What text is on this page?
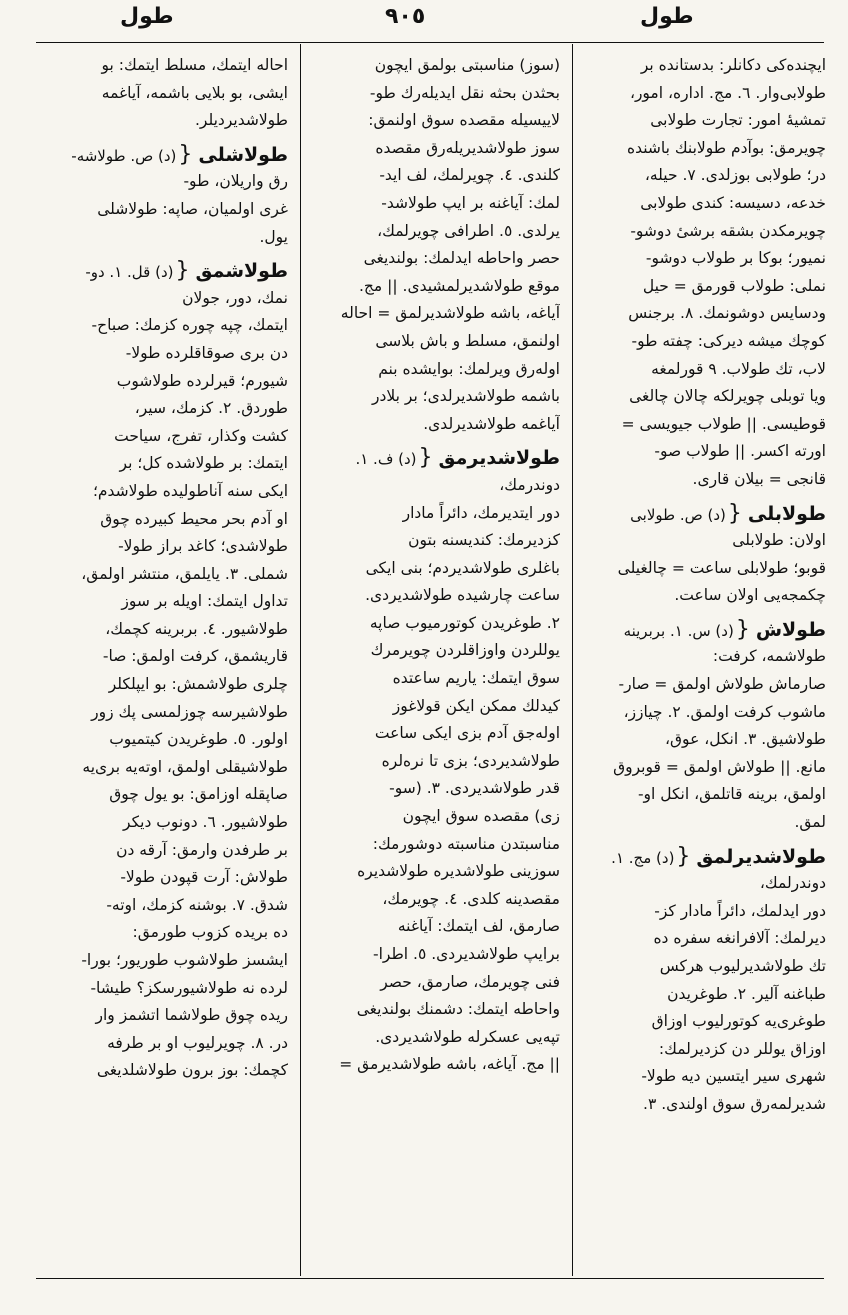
طول	٩٠٥	طول
ایچنده‌کی دکانلر: بدستانده بر
طولابی‌وار. ٦. مج. اداره‌، امور،
تمشیهٔ امور: تجارت طولابی
چویرمق: بوآدم طولابنك باشنده
در؛ طولابی بوزلدی. ٧. حیله،
خدعه، دسیسه: کندی طولابی
چویرمکدن بشقه برشیٔ دوشو-
نمیور؛ بوکا بر طولاب دوشو-
نملی: طولاب قورمق = حیل
ودسایس دوشونمك. ٨. برجنس
کوچك میشه دیرکی: چفته طو-
لاب، تك طولاب. ٩ قورلمغه
ویا توبلی چویرلکه چالان چالغی
قوطیسی. || طولاب جیویسی =
اورته اکسر. || طولاب صو-
قانجی = بیلان قاری.
طولابلی{(د) ص. طولابی
اولان: طولابلی
قوبو؛ طولابلی ساعت = چالغیلی
چکمجه‌یی اولان ساعت.
طولاش{(د) س. ١. بربرینه
طولاشمه، کرفت:
صارماش طولاش اولمق = صار-
ماشوب کرفت اولمق. ٢. چیازز،
طولاشیق. ٣. انکل، عوق،
مانع. || طولاش اولمق = قوبروق
اولمق، برینه قاتلمق، انکل او-
لمق.
طولاشدیرلمق{(د) مج. ١.
دوندرلمك،
دور ایدلمك، دائراً مادار کز-
دیرلمك: آلافرانغه سفره ده
تك طولاشدیرلیوب هرکس
طباغنه آلیر. ٢. طوغریدن
طوغری‌یه کوتورلیوب اوزاق
اوزاق یوللر دن کزدیرلمك:
شهری سیر ایتسین دیه طولا-
شدیرلمه‌رق سوق اولندی. ٣.
(سوز) مناسبتی بولمق ایچون
بحثدن بحثه نقل ایدیله‌رك طو-
لاییسیله مقصده سوق اولنمق:
سوز طولاشدیریله‌رق مقصده
کلندی. ٤. چویرلمك، لف اید-
لمك: آیاغنه بر ایپ طولاشد-
یرلدی. ٥. اطرافی چویرلمك،
حصر واحاطه ایدلمك: بولندیغی
موقع طولاشدیرلمشیدی. || مج.
آیاغه، باشه طولاشدیرلمق = احاله
اولنمق، مسلط و باش بلاسی
اوله‌رق ویرلمك: بوایشده بنم
باشمه طولاشدیرلدی؛ بر بلادر
آیاغمه طولاشدیرلدی.
طولاشدیرمق{(د) ف. ١.
دوندرمك،
دور ایتدیرمك، دائراً مادار
کزدیرمك: کندیسنه بتون
باغلری طولاشدیردم؛ بنی ایکی
ساعت چارشیده طولاشدیردی.
٢. طوغریدن کوتورمیوب صاپه
یوللردن واوزاقلردن چویرمرك
سوق ایتمك: یاریم ساعتده
کیدلك ممکن ایکن قولاغوز
اوله‌جق آدم بزی ایکی ساعت
طولاشدیردی؛ بزی تا نره‌لره
قدر طولاشدیردی. ٣. (سو-
زی) مقصده سوق ایچون
مناسبتدن مناسبته دوشورمك:
سوزینی طولاشدیره طولاشدیره
مقصدینه کلدی. ٤. چویرمك،
صارمق، لف ایتمك: آیاغنه
برایپ طولاشدیردی. ٥. اطرا-
فنی چویرمك، صارمق، حصر
واحاطه ایتمك: دشمنك بولندیغی
تپه‌یی عسکرله طولاشدیردی.
|| مج. آیاغه، باشه طولاشدیرمق =
احاله ایتمك، مسلط ایتمك: بو
ایشی، بو بلایی باشمه، آیاغمه
طولاشدیردیلر.
طولاشلی{(د) ص. طولاشه-
رق واریلان، طو-
غری اولمیان، صاپه: طولاشلی
یول.
طولاشمق{(د) قل. ١. دو-
نمك، دور، جولان
ایتمك، چپه چوره کزمك: صباح-
دن بری صوقاقلرده طولا-
شیورم؛ قیرلرده طولاشوب
طوردق. ٢. کزمك، سیر،
کشت وکذار، تفرج، سیاحت
ایتمك: بر طولاشده کل؛ بر
ایکی سنه آناطولیده طولاشدم؛
او آدم بحر محیط کبیرده چوق
طولاشدی؛ کاغد براز طولا-
شملی. ٣. یایلمق، منتشر اولمق،
تداول ایتمك: اویله بر سوز
طولاشیور. ٤. بربرینه کچمك،
قاریشمق، کرفت اولمق: صا-
چلری طولاشمش: بو ایپلکلر
طولاشیرسه چوزلمسی پك زور
اولور. ٥. طوغریدن کیتمیوب
طولاشیقلی اولمق، اوته‌یه بری‌یه
صاپقله اوزامق: بو یول چوق
طولاشیور. ٦. دونوب دیکر
بر طرفدن وارمق: آرقه دن
طولاش: آرت قپودن طولا-
شدق. ٧. بوشنه کزمك، اوته-
ده بریده کزوب طورمق:
ایشسز طولاشوب طوریور؛ بورا-
لرده نه طولاشیورسکز؟ طیشا-
ریده چوق طولاشما اتشمز وار
در. ٨. چویرلیوب او بر طرفه
کچمك: بوز برون طولاشلدیغی
